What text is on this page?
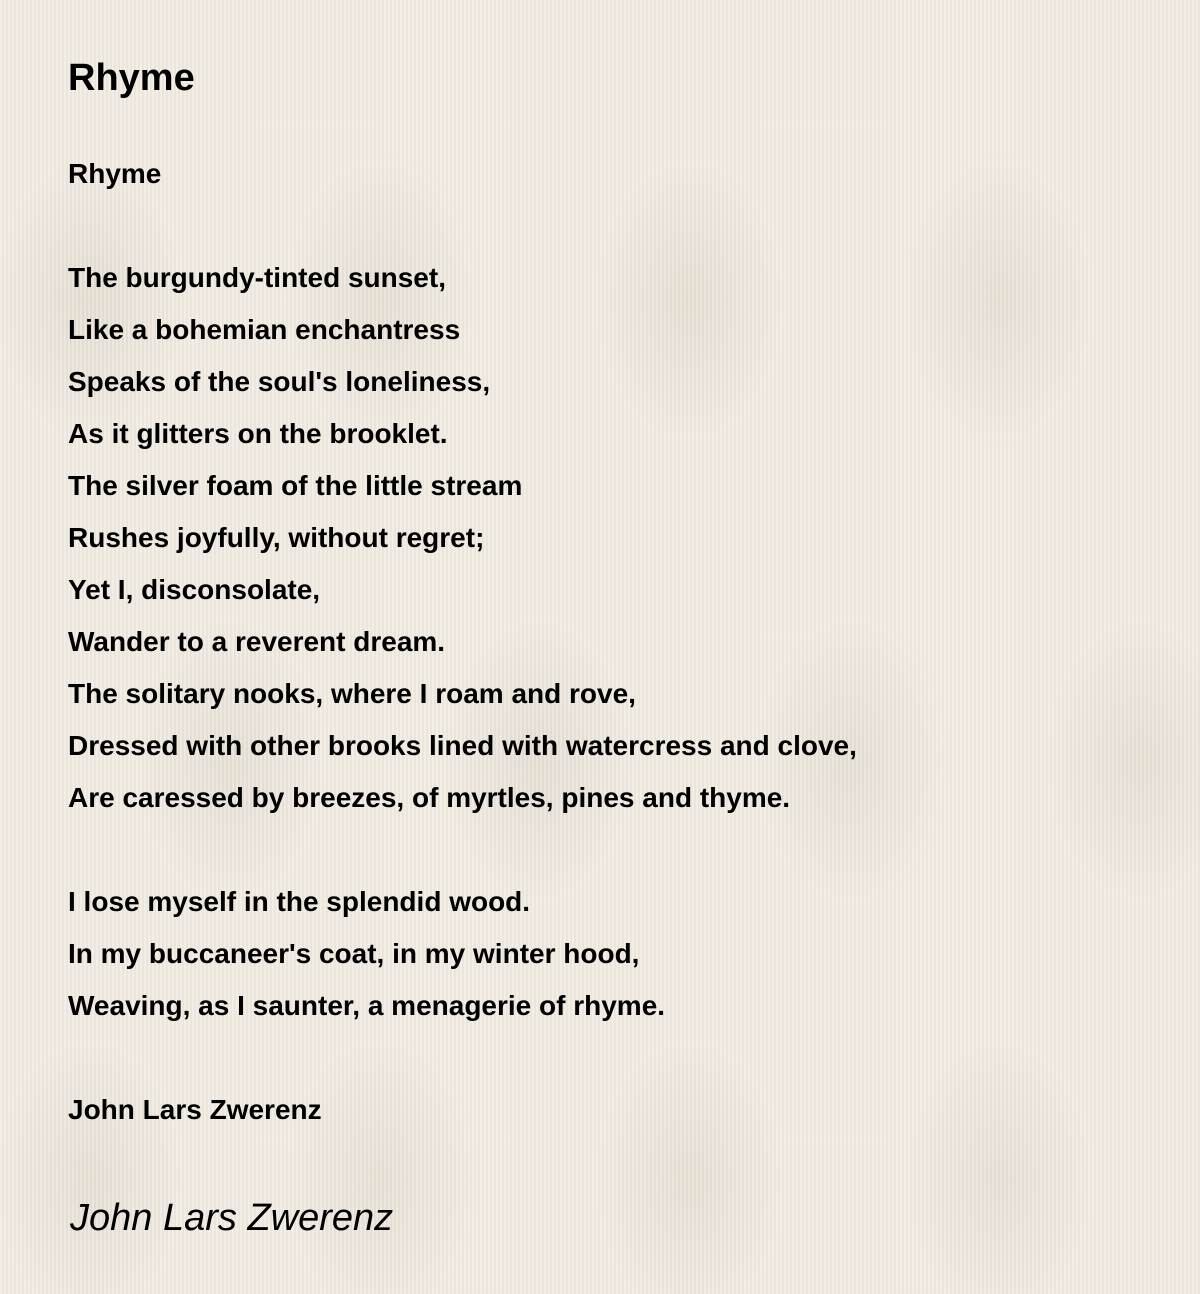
Rhyme
Rhyme
The burgundy-tinted sunset,
Like a bohemian enchantress
Speaks of the soul's loneliness,
As it glitters on the brooklet.
The silver foam of the little stream
Rushes joyfully, without regret;
Yet I, disconsolate,
Wander to a reverent dream.
The solitary nooks, where I roam and rove,
Dressed with other brooks lined with watercress and clove,
Are caressed by breezes, of myrtles, pines and thyme.
I lose myself in the splendid wood.
In my buccaneer's coat, in my winter hood,
Weaving, as I saunter, a menagerie of rhyme.
John Lars Zwerenz
John Lars Zwerenz
